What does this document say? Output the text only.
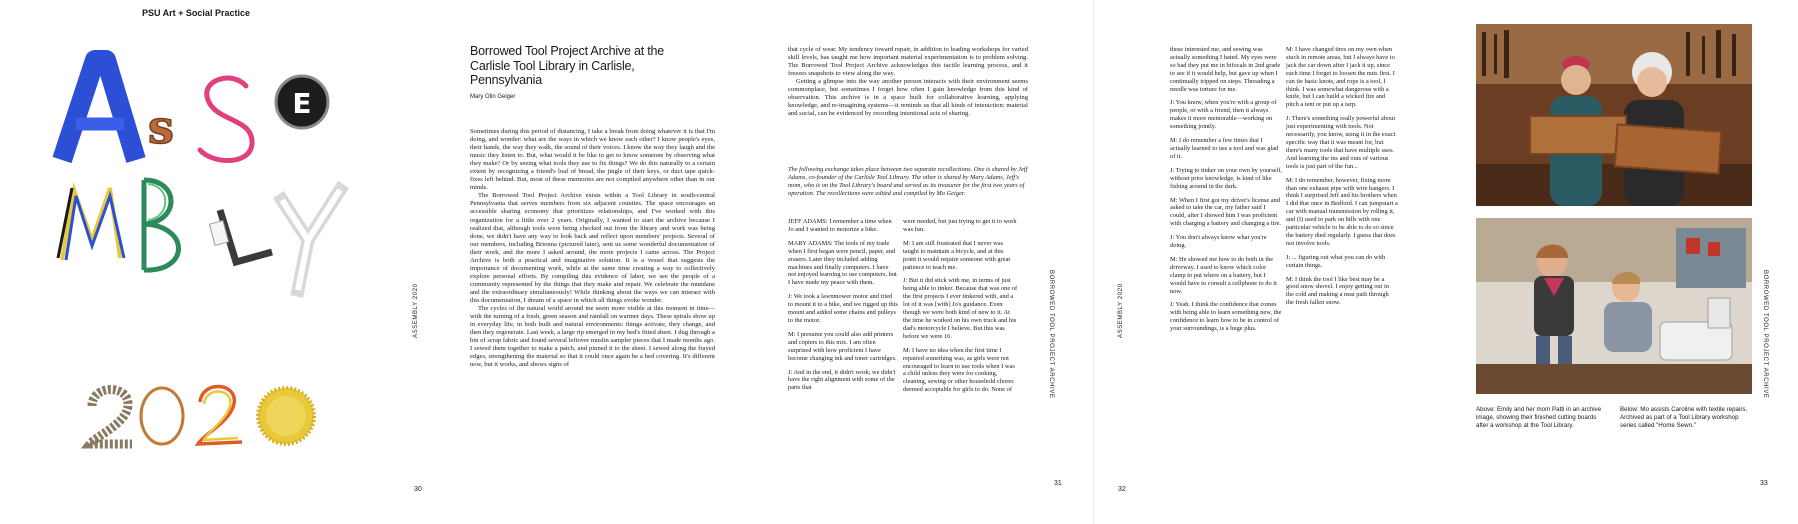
PSU Art + Social Practice
s	E
ASSEMBLY 2020
30
Borrowed Tool Project Archive at the Carlisle Tool Library in Carlisle, Pennsylvania
Mary Olin Geiger

Sometimes during this period of distancing, I take a break from doing whatever it is that I'm doing, and wonder: what are the ways in which we know each other? I know people's eyes, their hands, the way they walk, the sound of their voices. I know the way they laugh and the music they listen to. But, what would it be like to get to know someone by observing what they make? Or by seeing what tools they use to fix things? We do this naturally to a certain extent by recognizing a friend's loaf of bread, the jingle of their keys, or duct tape quick-fixes left behind. But, most of these memories are not compiled anywhere other than in our minds.

The Borrowed Tool Project Archive exists within a Tool Library in south-central Pennsylvania that serves members from six adjacent counties. The space encourages an accessible sharing economy that prioritizes relationships, and I've worked with this organization for a little over 2 years. Originally, I wanted to start the archive because I realized that, although tools were being checked out from the library and work was being done, we didn't have any way to look back and reflect upon members' projects. Several of our members, including Brionna (pictured later), sent us some wonderful documentation of their work, and the more I asked around, the more projects I came across. The Project Archive is both a practical and imaginative solution. It is a vessel that suggests the importance of documenting work, while at the same time creating a way to collectively explore personal efforts. By compiling this evidence of labor, we see the people of a community represented by the things that they make and repair. We celebrate the mundane and the extraordinary simultaneously! While thinking about the ways we can interact with this documentation, I dream of a space in which all things evoke wonder.

The cycles of the natural world around me seem more visible at this moment in time—with the turning of a fresh, green season and rainfall on warmer days. These spirals show up in everyday life, in both built and natural environments: things activate, they change, and then they regenerate. Last week, a large rip emerged in my bed's fitted sheet. I dug through a bin of scrap fabric and found several leftover muslin sampler pieces that I made months ago. I sewed them together to make a patch, and pinned it to the sheet. I sewed along the frayed edges, strengthening the material so that it could once again be a bed covering. It's different now, but it works, and shows signs of

that cycle of wear. My tendency toward repair, in addition to leading workshops for varied skill levels, has taught me how important material experimentation is to problem solving. The Borrowed Tool Project Archive acknowledges this tactile learning process, and it freezes snapshots to view along the way.

Getting a glimpse into the way another person interacts with their environment seems commonplace, but sometimes I forget how often I gain knowledge from this kind of observation. This archive is in a space built for collaborative learning, applying knowledge, and re-imagining systems—it reminds us that all kinds of interaction: material and social, can be evidenced by recording intentional acts of sharing.

The following exchange takes place between two separate recollections. One is shared by Jeff Adams, co-founder of the Carlisle Tool Library. The other is shared by Mary Adams, Jeff's mom, who is on the Tool Library's board and served as its treasurer for the first two years of operation. The recollections were edited and compiled by Mo Geiger.

JEFF ADAMS: I remember a time when Jo and I wanted to motorize a bike.

MARY ADAMS: The tools of my trade when I first began were pencil, paper, and erasers. Later they included adding machines and finally computers. I have not enjoyed learning to use computers, but I have made my peace with them.

J: We took a lawnmower motor and tried to mount it to a bike, and we rigged up this mount and added some chains and pulleys to the motor.

M: I presume you could also add printers and copiers to this mix. I am often surprised with how proficient I have become changing ink and toner cartridges.

J: And in the end, it didn't work; we didn't have the right alignment with some of the parts that

were needed, but just trying to get it to work was fun.

M: I am still frustrated that I never was taught to maintain a bicycle, and at this point it would require someone with great patience to teach me.

J: But it did stick with me, in terms of just being able to tinker. Because that was one of the first projects I ever tinkered with, and a lot of it was [with] Jo's guidance. Even though we were both kind of new to it. At the time he worked on his own truck and his dad's motorcycle I believe. But this was before we were 16.

M: I have no idea when the first time I repaired something was, as girls were not encouraged to learn to use tools when I was a child unless they were for cooking, cleaning, sewing or other household chores deemed acceptable for girls to do. None of	BORROWED TOOL PROJECT ARCHIVE
31
ASSEMBLY 2020
32

these interested me, and sewing was actually something I hated. My eyes were so bad they put me in bifocals in 2nd grade to see if it would help, but gave up when I continually tripped on steps. Threading a needle was torture for me.

J: You know, when you're with a group of people, or with a friend, then it always makes it more memorable—working on something jointly.

M: I do remember a few times that I actually learned to use a tool and was glad of it.

J: Trying to tinker on your own by yourself, without prior knowledge, is kind of like fishing around in the dark.

M: When I first got my driver's license and asked to take the car, my father said I could, after I showed him I was proficient with charging a battery and changing a tire.

J: You don't always know what you're doing.

M: He showed me how to do both in the driveway. I used to know which color clamp to put where on a battery, but I would have to consult a cellphone to do it now.

J: Yeah. I think the confidence that comes with being able to learn something new, the confidence to learn how to be in control of your surroundings, is a huge plus.

M: I have changed tires on my own when stuck in remote areas, but I always have to jack the car down after I jack it up, since each time I forget to loosen the nuts first. I can tie basic knots, and rope is a tool, I think. I was somewhat dangerous with a knife, but I can build a wicked fire and pitch a tent or put up a tarp.

J: There's something really powerful about just experimenting with tools. Not necessarily, you know, using it in the exact specific way that it was meant for, but there's many tools that have multiple uses. And learning the ins and outs of various tools is just part of the fun...

M: I do remember, however, fixing more than one exhaust pipe with wire hangers. I think I surprised Jeff and his brothers when I did that once in Bedford. I can jumpstart a car with manual transmission by rolling it, and (I) used to park on hills with one particular vehicle to be able to do so since the battery died regularly. I guess that does not involve tools.

J: ... figuring out what you can do with certain things.

M: I think the tool I like best may be a good snow shovel. I enjoy getting out in the cold and making a neat path through the fresh fallen snow.

Above: Emily and her mom Patti in an archive image, showing their finished cutting boards after a workshop at the Tool Library.
Below: Mo assists Caroline with textile repairs. Archived as part of a Tool Library workshop series called "Home Sewn."
BORROWED TOOL PROJECT ARCHIVE
33
